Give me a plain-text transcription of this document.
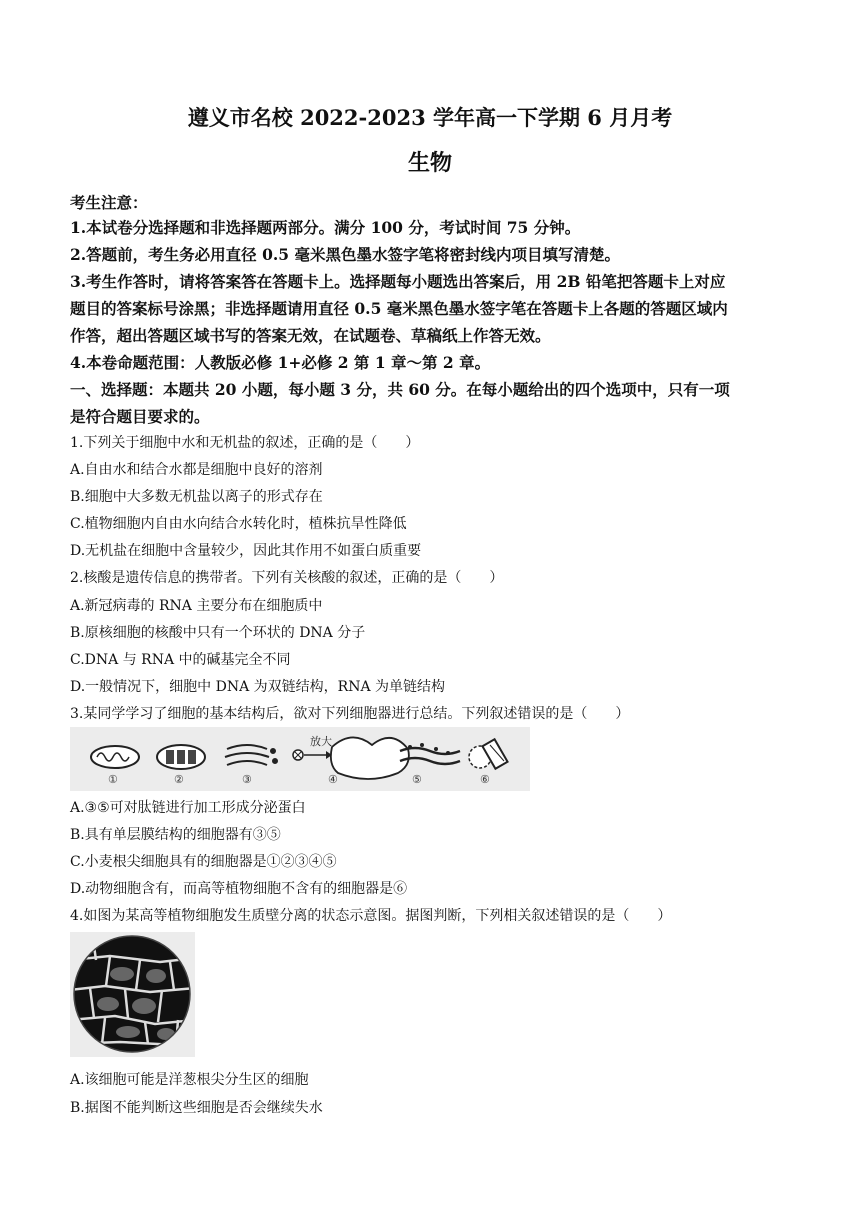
遵义市名校 2022-2023 学年高一下学期 6 月月考
生物
考生注意：
1.本试卷分选择题和非选择题两部分。满分 100 分，考试时间 75 分钟。
2.答题前，考生务必用直径 0.5 毫米黑色墨水签字笔将密封线内项目填写清楚。
3.考生作答时，请将答案答在答题卡上。选择题每小题选出答案后，用 2B 铅笔把答题卡上对应
题目的答案标号涂黑；非选择题请用直径 0.5 毫米黑色墨水签字笔在答题卡上各题的答题区域内
作答，超出答题区域书写的答案无效，在试题卷、草稿纸上作答无效。
4.本卷命题范围：人教版必修 1+必修 2 第 1 章～第 2 章。
一、选择题：本题共 20 小题，每小题 3 分，共 60 分。在每小题给出的四个选项中，只有一项
是符合题目要求的。
1.下列关于细胞中水和无机盐的叙述，正确的是（　　）
A.自由水和结合水都是细胞中良好的溶剂
B.细胞中大多数无机盐以离子的形式存在
C.植物细胞内自由水向结合水转化时，植株抗旱性降低
D.无机盐在细胞中含量较少，因此其作用不如蛋白质重要
2.核酸是遗传信息的携带者。下列有关核酸的叙述，正确的是（　　）
A.新冠病毒的 RNA 主要分布在细胞质中
B.原核细胞的核酸中只有一个环状的 DNA 分子
C.DNA 与 RNA 中的碱基完全不同
D.一般情况下，细胞中 DNA 为双链结构，RNA 为单链结构
3.某同学学习了细胞的基本结构后，欲对下列细胞器进行总结。下列叙述错误的是（　　）
放大
①	②	③	④	⑤	⑥
A.③⑤可对肽链进行加工形成分泌蛋白
B.具有单层膜结构的细胞器有③⑤
C.小麦根尖细胞具有的细胞器是①②③④⑤
D.动物细胞含有，而高等植物细胞不含有的细胞器是⑥
4.如图为某高等植物细胞发生质壁分离的状态示意图。据图判断，下列相关叙述错误的是（　　）
A.该细胞可能是洋葱根尖分生区的细胞
B.据图不能判断这些细胞是否会继续失水
